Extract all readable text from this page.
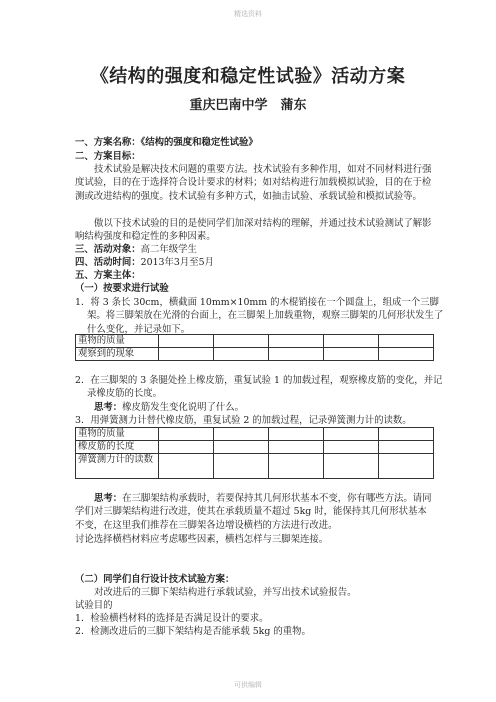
精选资料
《结构的强度和稳定性试验》活动方案
重庆巴南中学　蒲东
一、方案名称：《结构的强度和稳定性试验》
二、方案目标：
技术试验是解决技术问题的重要方法。技术试验有多种作用，如对不同材料进行强度试验，目的在于选择符合设计要求的材料；如对结构进行加载模拟试验，目的在于检测或改进结构的强度。技术试验有多种方式，如抽击试验、承载试验和模拟试验等。
傲以下技术试验的目的是使同学们加深对结构的理解，并通过技术试验测试了解影响结构强度和稳定性的多种因素。
三、活动对象：高二年级学生
四、活动时间：2013年3月至5月
五、方案主体：
（一）按要求进行试验
1．将 3 条长 30cm，横截面 10mm×10mm 的木棍销接在一个圆盘上，组成一个三脚架。将三脚架放在光滑的台面上，在三脚架上加载重物，观察三脚架的几何形状发生了什么变化，并记录如下。
重物的质量					
观察到的现象					
2．在三脚架的 3 条腿处拴上橡皮筋，重复试验 1 的加载过程，观察橡皮筋的变化，并记录橡皮筋的长度。
思考：橡皮筋发生变化说明了什么。
3．用弹簧测力计替代橡皮筋，重复试验 2 的加载过程，记录弹簧测力计的读数。
重物的质量					
橡皮筋的长度					
弹簧测力计的读数					
思考：在三脚架结构承载时，若要保持其几何形状基本不变，你有哪些方法。请同学们对三脚架结构进行改进，使其在承载质量不超过 5kg 时，能保持其几何形状基本不变，在这里我们推荐在三脚架各边增设横档的方法进行改进。
讨论选择横档材料应考虑哪些因素，横档怎样与三脚架连接。
（二）同学们自行设计技术试验方案：
对改进后的三脚下架结构进行承载试验，并写出技术试验报告。
试验目的
1．检验横档材料的选择是否满足设计的要求。
2．检测改进后的三脚下架结构是否能承载 5kg 的重物。
可供编辑
